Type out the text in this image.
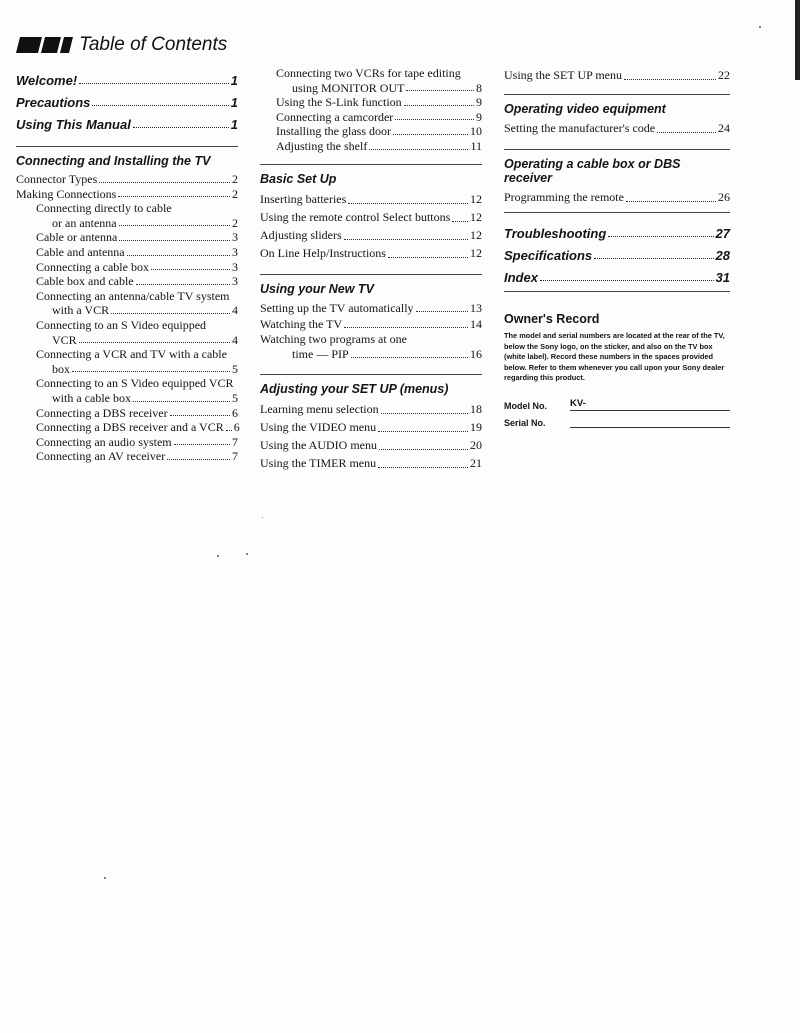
Table of Contents
Welcome!	1
Precautions	1
Using This Manual	1
Connecting and Installing the TV
Connector Types	2
Making Connections	2
Connecting directly to cable
or an antenna	2
Cable or antenna	3
Cable and antenna	3
Connecting a cable box	3
Cable box and cable	3
Connecting an antenna/cable TV system
with a VCR	4
Connecting to an S Video equipped
VCR	4
Connecting a VCR and TV with a cable
box	5
Connecting to an S Video equipped VCR
with a cable box	5
Connecting a DBS receiver	6
Connecting a DBS receiver and a VCR 6
Connecting an audio system	7
Connecting an AV receiver	7
Connecting two VCRs for tape editing
using MONITOR OUT	8
Using the S-Link function	9
Connecting a camcorder	9
Installing the glass door	10
Adjusting the shelf	11
Basic Set Up
Inserting batteries	12
Using the remote control Select buttons 12
Adjusting sliders	12
On Line Help/Instructions	12
Using your New TV
Setting up the TV automatically	13
Watching the TV	14
Watching two programs at one
time — PIP	16
Adjusting your SET UP (menus)
Learning menu selection	18
Using the VIDEO menu	19
Using the AUDIO menu	20
Using the TIMER menu	21
Using the SET UP menu	22
Operating video equipment
Setting the manufacturer's code	24
Operating a cable box or DBS receiver
Programming the remote	26
Troubleshooting	27
Specifications	28
Index	31
Owner's Record
The model and serial numbers are located at the rear of the TV, below the Sony logo, on the sticker, and also on the TV box (white label). Record these numbers in the spaces provided below. Refer to them whenever you call upon your Sony dealer regarding this product.
Model No.	KV-
Serial No.
